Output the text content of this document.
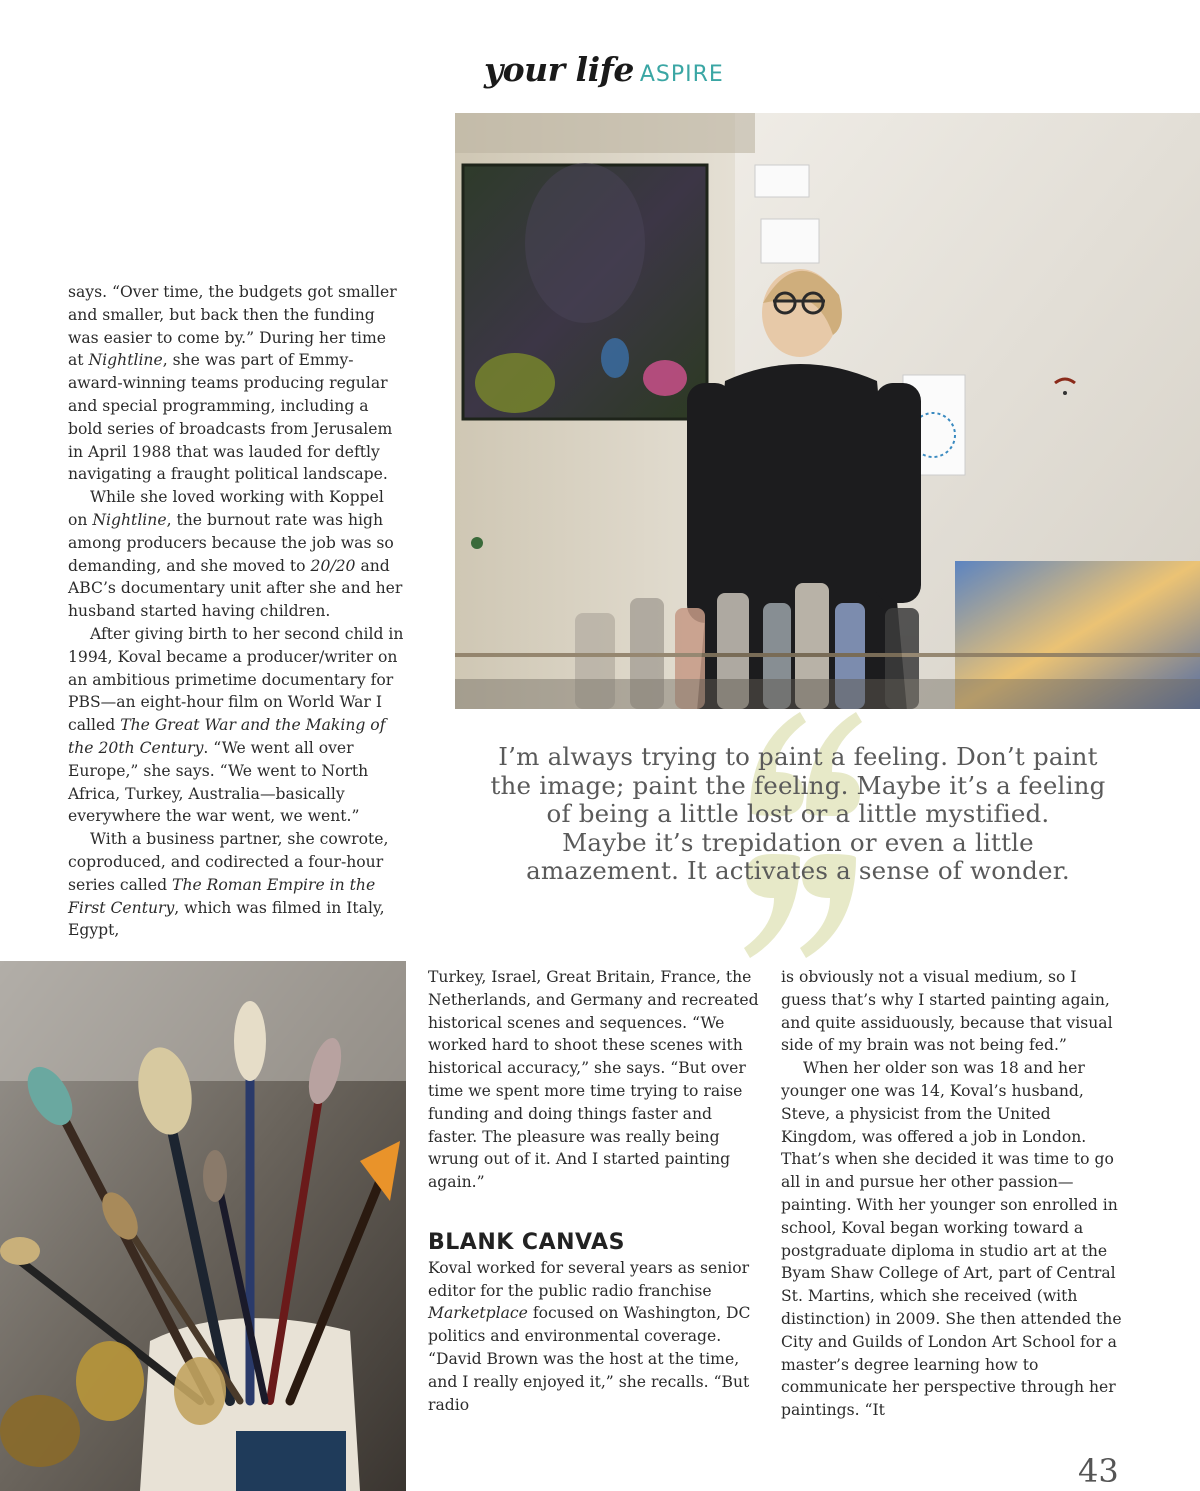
your life ASPIRE

says. “Over time, the budgets got smaller and smaller, but back then the funding was easier to come by.” During her time at Nightline, she was part of Emmy-award-winning teams producing regular and special programming, including a bold series of broadcasts from Jerusalem in April 1988 that was lauded for deftly navigating a fraught political landscape.

While she loved working with Koppel on Nightline, the burnout rate was high among producers because the job was so demanding, and she moved to 20/20 and ABC’s documentary unit after she and her husband started having children.

After giving birth to her second child in 1994, Koval became a producer/writer on an ambitious primetime documentary for PBS—an eight-hour film on World War I called The Great War and the Making of the 20th Century. “We went all over Europe,” she says. “We went to North Africa, Turkey, Australia—basically everywhere the war went, we went.”

With a business partner, she cowrote, coproduced, and codirected a four-hour series called The Roman Empire in the First Century, which was filmed in Italy, Egypt,

I’m always trying to paint a feeling. Don’t paint
the image; paint the feeling. Maybe it’s a feeling
of being a little lost or a little mystified.
Maybe it’s trepidation or even a little
amazement. It activates a sense of wonder.

Turkey, Israel, Great Britain, France, the Netherlands, and Germany and recreated historical scenes and sequences. “We worked hard to shoot these scenes with historical accuracy,” she says. “But over time we spent more time trying to raise funding and doing things faster and faster. The pleasure was really being wrung out of it. And I started painting again.”

BLANK CANVAS

Koval worked for several years as senior editor for the public radio franchise Marketplace focused on Washington, DC politics and environmental coverage. “David Brown was the host at the time, and I really enjoyed it,” she recalls. “But radio

is obviously not a visual medium, so I guess that’s why I started painting again, and quite assiduously, because that visual side of my brain was not being fed.”

When her older son was 18 and her younger one was 14, Koval’s husband, Steve, a physicist from the United Kingdom, was offered a job in London. That’s when she decided it was time to go all in and pursue her other passion—painting. With her younger son enrolled in school, Koval began working toward a postgraduate diploma in studio art at the Byam Shaw College of Art, part of Central St. Martins, which she received (with distinction) in 2009. She then attended the City and Guilds of London Art School for a master’s degree learning how to communicate her perspective through her paintings. “It

43
